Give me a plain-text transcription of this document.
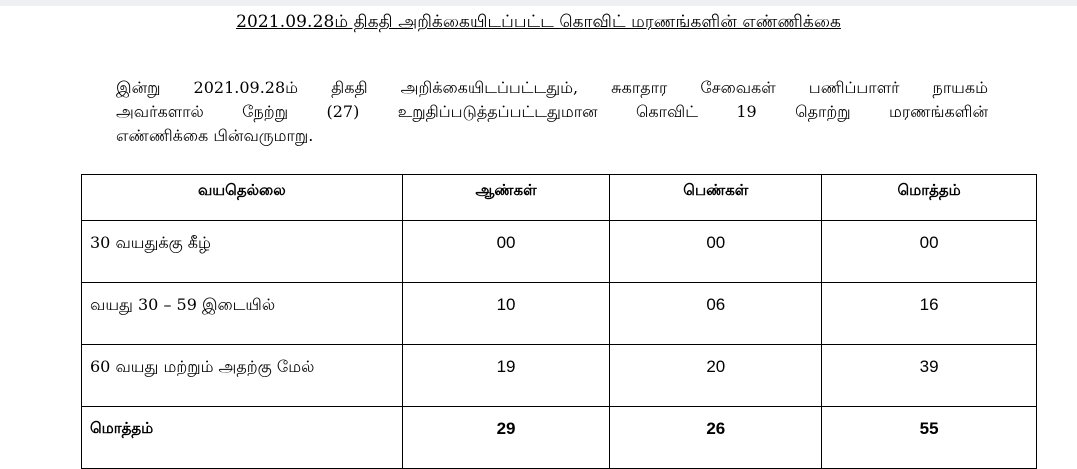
2021.09.28ம் திகதி அறிக்கையிடப்பட்ட கொவிட் மரணங்களின் எண்ணிக்கை
இன்று 2021.09.28ம் திகதி அறிக்கையிடப்பட்டதும், சுகாதார சேவைகள் பணிப்பாளர் நாயகம்
அவர்களால் நேற்று (27) உறுதிப்படுத்தப்பட்டதுமான கொவிட் 19 தொற்று மரணங்களின்
எண்ணிக்கை பின்வருமாறு.
வயதெல்லை	ஆண்கள்	பெண்கள்	மொத்தம்
30 வயதுக்கு கீழ்	00	00	00
வயது 30 – 59 இடையில்	10	06	16
60 வயது மற்றும் அதற்கு மேல்	19	20	39
மொத்தம்	29	26	55
